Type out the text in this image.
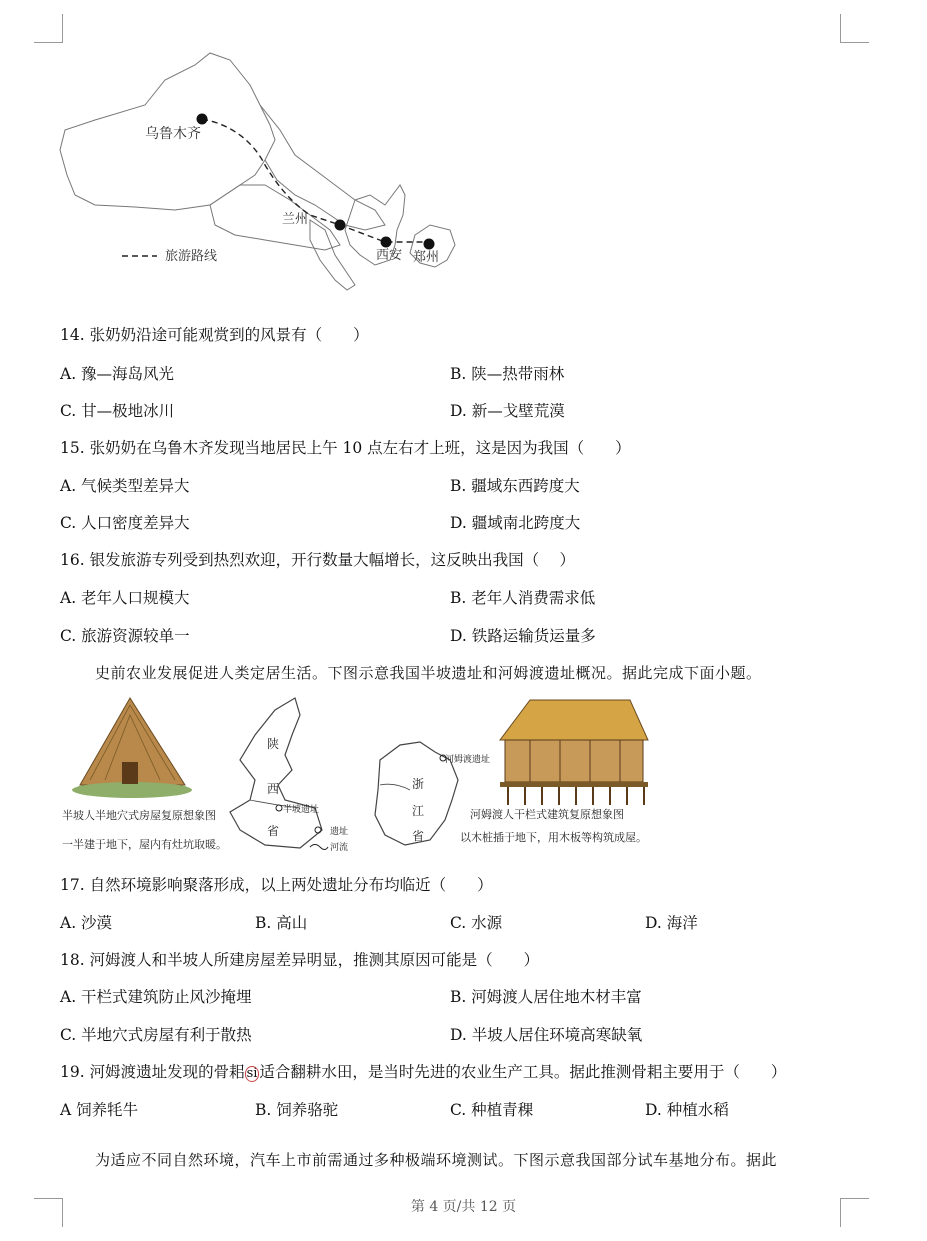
乌鲁木齐
兰州
西安 郑州
旅游路线
14. 张奶奶沿途可能观赏到的风景有（　　）
A. 豫—海岛风光	B. 陕—热带雨林
C. 甘—极地冰川	D. 新—戈壁荒漠
15. 张奶奶在乌鲁木齐发现当地居民上午 10 点左右才上班，这是因为我国（　　）
A. 气候类型差异大	B. 疆域东西跨度大
C. 人口密度差异大	D. 疆域南北跨度大
16. 银发旅游专列受到热烈欢迎，开行数量大幅增长，这反映出我国（　 ）
A. 老年人口规模大	B. 老年人消费需求低
C. 旅游资源较单一	D. 铁路运输货运量多
史前农业发展促进人类定居生活。下图示意我国半坡遗址和河姆渡遗址概况。据此完成下面小题。
半坡人半地穴式房屋复原想象图
一半建于地下，屋内有灶坑取暖。
陕
西
省
半坡遗址
遗址
河流
浙
江
省
河姆渡遗址
河姆渡人干栏式建筑复原想象图
以木桩插于地下，用木板等构筑成屋。
17. 自然环境影响聚落形成，以上两处遗址分布均临近（　　）
A. 沙漠	B. 高山	C. 水源	D. 海洋
18. 河姆渡人和半坡人所建房屋差异明显，推测其原因可能是（　　）
A. 干栏式建筑防止风沙掩埋	B. 河姆渡人居住地木材丰富
C. 半地穴式房屋有利于散热	D. 半坡人居住环境高寒缺氧
19. 河姆渡遗址发现的骨耜 si 适合翻耕水田，是当时先进的农业生产工具。据此推测骨耜主要用于（　　）
A 饲养牦牛	B. 饲养骆驼	C. 种植青稞	D. 种植水稻
为适应不同自然环境，汽车上市前需通过多种极端环境测试。下图示意我国部分试车基地分布。据此
第 4 页/共 12 页
